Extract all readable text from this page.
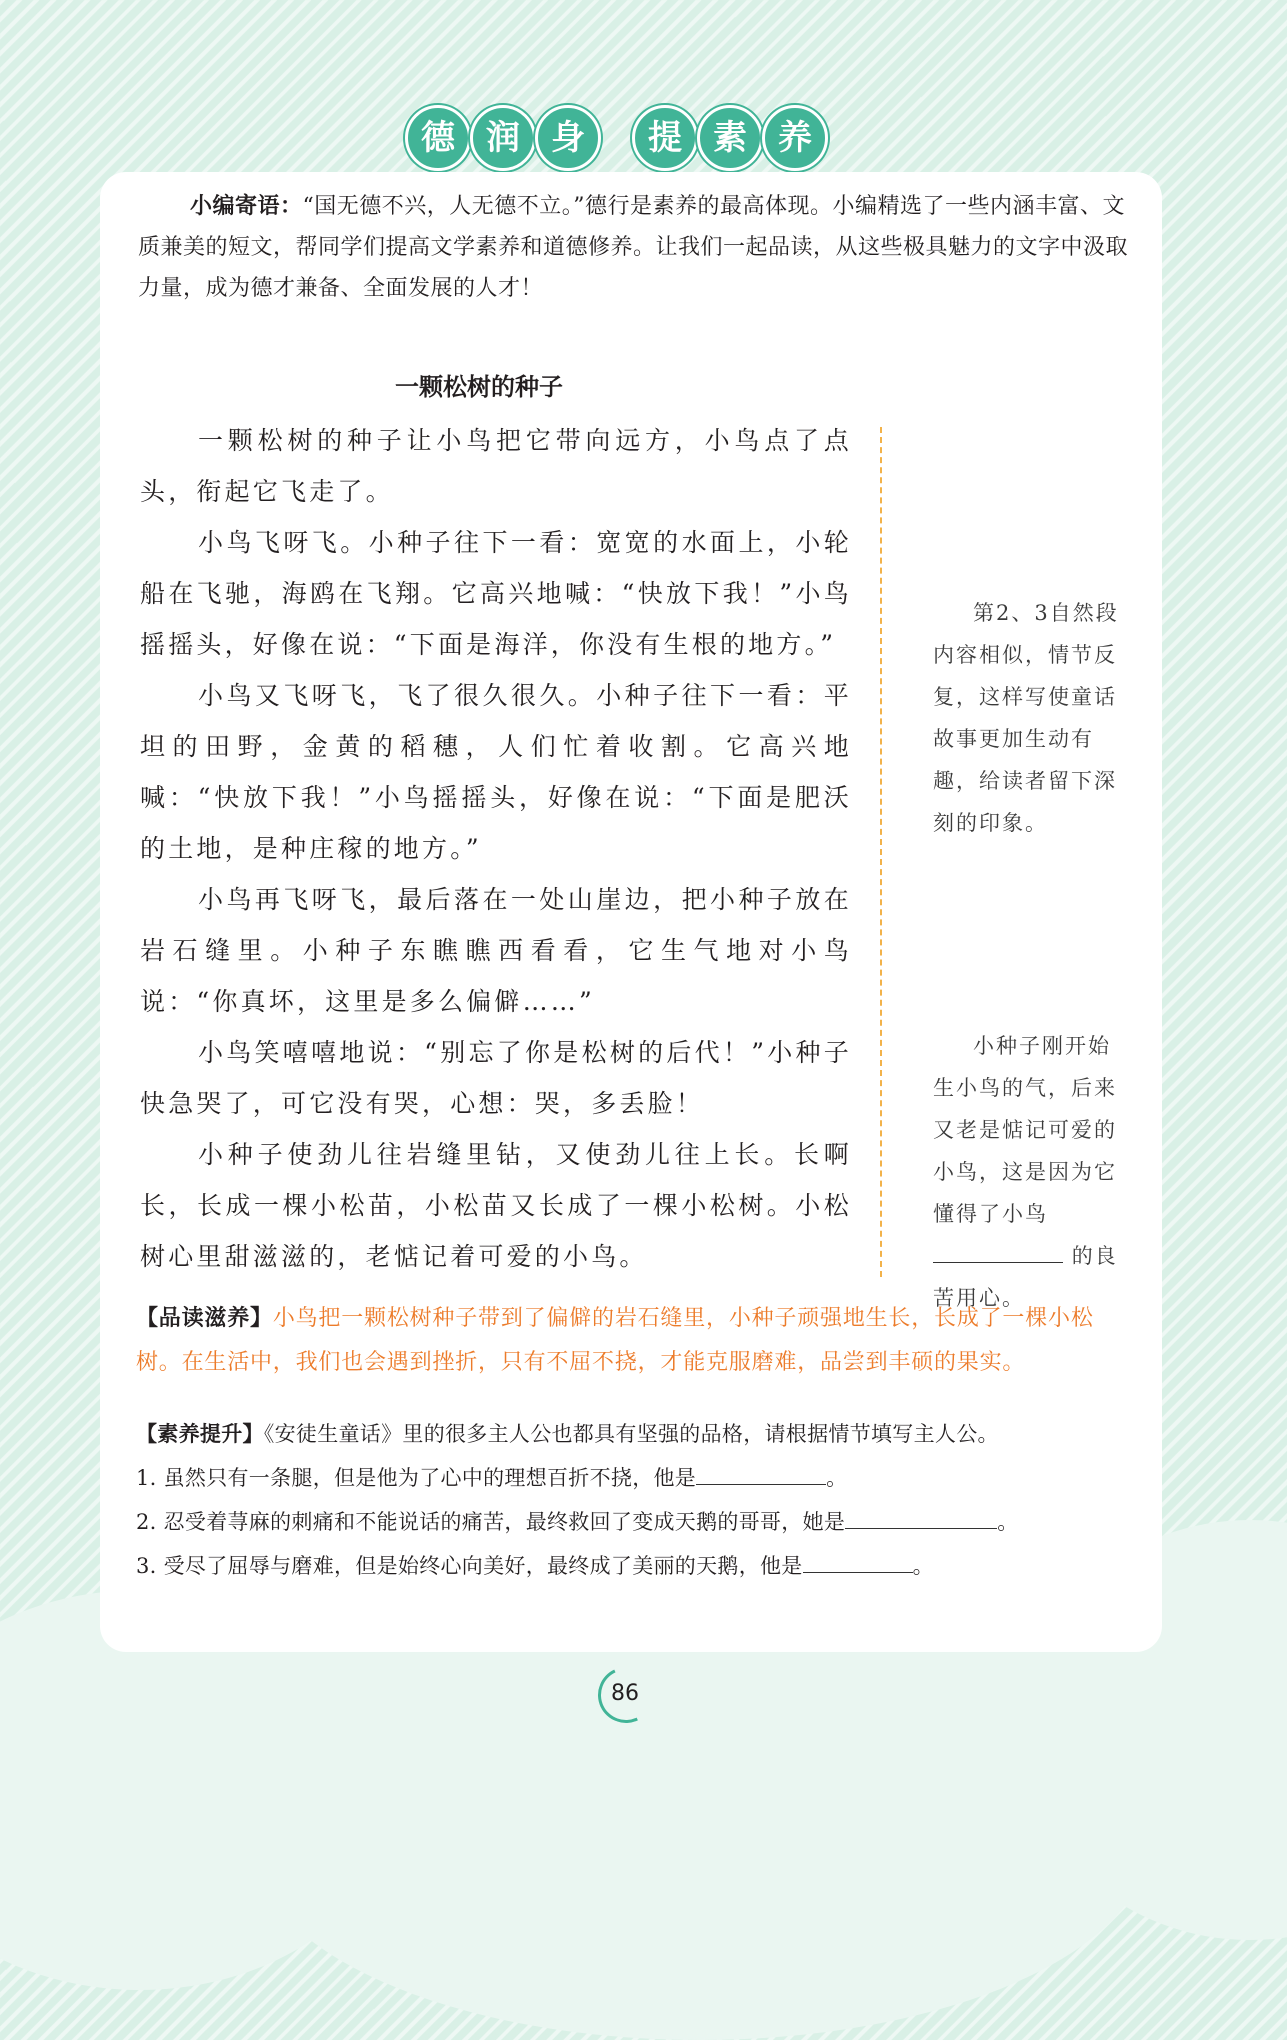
德 润 身	提 素 养
小编寄语：“国无德不兴，人无德不立。”德行是素养的最高体现。小编精选了一些内涵丰富、文质兼美的短文，帮同学们提高文学素养和道德修养。让我们一起品读，从这些极具魅力的文字中汲取力量，成为德才兼备、全面发展的人才！
一颗松树的种子

一颗松树的种子让小鸟把它带向远方，小鸟点了点头，衔起它飞走了。

小鸟飞呀飞。小种子往下一看：宽宽的水面上，小轮船在飞驰，海鸥在飞翔。它高兴地喊：“快放下我！”小鸟摇摇头，好像在说：“下面是海洋，你没有生根的地方。”

小鸟又飞呀飞，飞了很久很久。小种子往下一看：平坦的田野，金黄的稻穗，人们忙着收割。它高兴地喊：“快放下我！”小鸟摇摇头，好像在说：“下面是肥沃的土地，是种庄稼的地方。”

小鸟再飞呀飞，最后落在一处山崖边，把小种子放在岩石缝里。小种子东瞧瞧西看看，它生气地对小鸟说：“你真坏，这里是多么偏僻……”

小鸟笑嘻嘻地说：“别忘了你是松树的后代！”小种子快急哭了，可它没有哭，心想：哭，多丢脸！

小种子使劲儿往岩缝里钻，又使劲儿往上长。长啊长，长成一棵小松苗，小松苗又长成了一棵小松树。小松树心里甜滋滋的，老惦记着可爱的小鸟。

第2、3自然段内容相似，情节反复，这样写使童话故事更加生动有趣，给读者留下深刻的印象。
小种子刚开始生小鸟的气，后来又老是惦记可爱的小鸟，这是因为它懂得了小鸟  的良苦用心。
【品读滋养】小鸟把一颗松树种子带到了偏僻的岩石缝里，小种子顽强地生长，长成了一棵小松树。在生活中，我们也会遇到挫折，只有不屈不挠，才能克服磨难，品尝到丰硕的果实。
【素养提升】《安徒生童话》里的很多主人公也都具有坚强的品格，请根据情节填写主人公。
1. 虽然只有一条腿，但是他为了心中的理想百折不挠，他是	。
2. 忍受着荨麻的刺痛和不能说话的痛苦，最终救回了变成天鹅的哥哥，她是	。
3. 受尽了屈辱与磨难，但是始终心向美好，最终成了美丽的天鹅，他是	。
86
